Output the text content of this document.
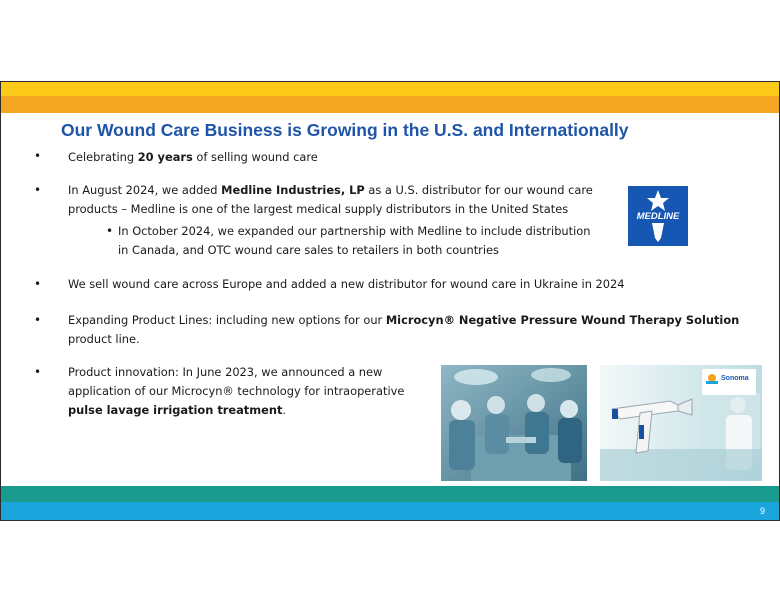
Our Wound Care Business is Growing in the U.S. and Internationally
• Celebrating 20 years of selling wound care
• In August 2024, we added Medline Industries, LP as a U.S. distributor for our wound care
products – Medline is one of the largest medical supply distributors in the United States
• In October 2024, we expanded our partnership with Medline to include distribution
in Canada, and OTC wound care sales to retailers in both countries
• We sell wound care across Europe and added a new distributor for wound care in Ukraine in 2024
• Expanding Product Lines: including new options for our Microcyn® Negative Pressure Wound Therapy Solution
product line.
• Product innovation: In June 2023, we announced a new
application of our Microcyn® technology for intraoperative
pulse lavage irrigation treatment.
MEDLINE
Sonoma
9
